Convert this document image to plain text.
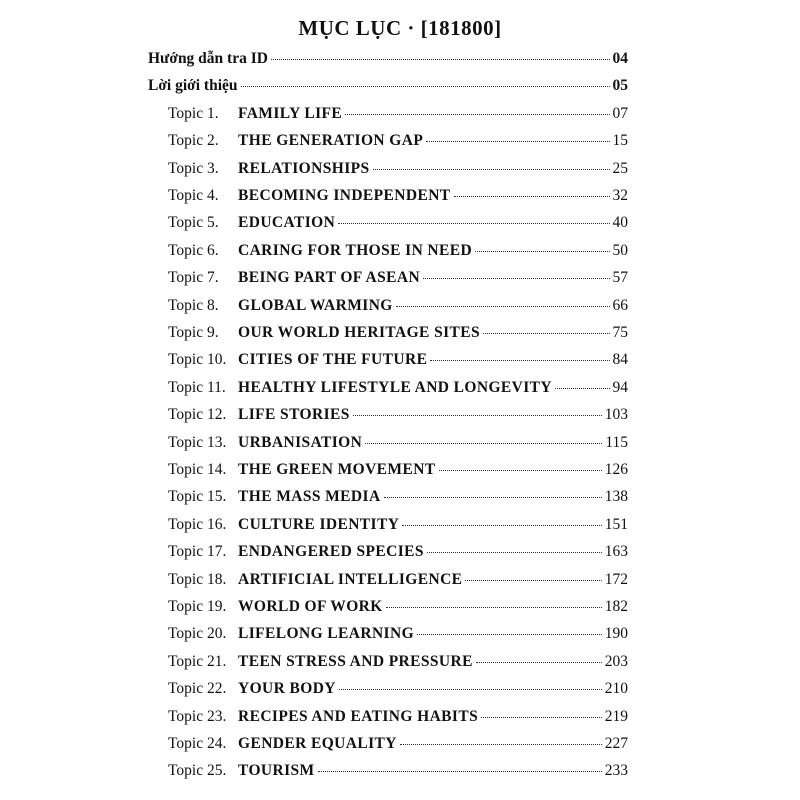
MỤC LỤC · [181800]
Hướng dẫn tra ID	04
Lời giới thiệu	05
Topic 1.	FAMILY LIFE	07
Topic 2.	THE GENERATION GAP	15
Topic 3.	RELATIONSHIPS	25
Topic 4.	BECOMING INDEPENDENT	32
Topic 5.	EDUCATION	40
Topic 6.	CARING FOR THOSE IN NEED	50
Topic 7.	BEING PART OF ASEAN	57
Topic 8.	GLOBAL WARMING	66
Topic 9.	OUR WORLD HERITAGE SITES	75
Topic 10. CITIES OF THE FUTURE	84
Topic 11. HEALTHY LIFESTYLE AND LONGEVITY	94
Topic 12. LIFE STORIES	103
Topic 13. URBANISATION	115
Topic 14. THE GREEN MOVEMENT	126
Topic 15. THE MASS MEDIA	138
Topic 16. CULTURE IDENTITY	151
Topic 17. ENDANGERED SPECIES	163
Topic 18. ARTIFICIAL INTELLIGENCE	172
Topic 19. WORLD OF WORK	182
Topic 20. LIFELONG LEARNING	190
Topic 21. TEEN STRESS AND PRESSURE	203
Topic 22. YOUR BODY	210
Topic 23. RECIPES AND EATING HABITS	219
Topic 24. GENDER EQUALITY	227
Topic 25. TOURISM	233
